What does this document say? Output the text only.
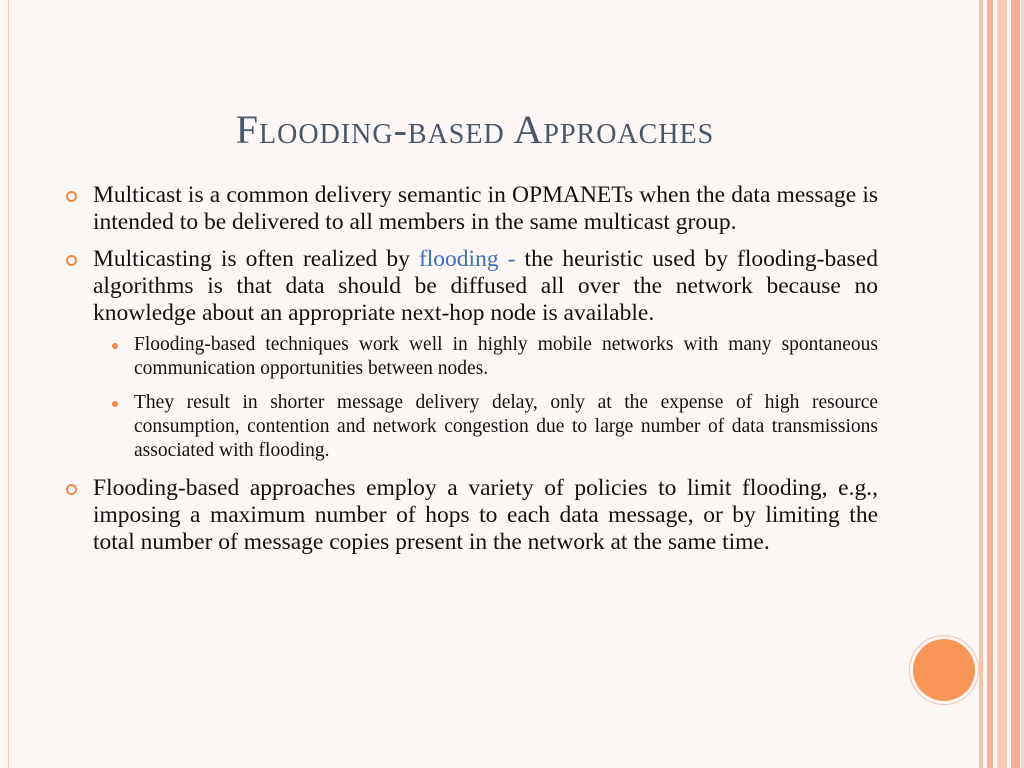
Flooding-based Approaches
Multicast is a common delivery semantic in OPMANETs when the data message is intended to be delivered to all members in the same multicast group.
Multicasting is often realized by flooding - the heuristic used by flooding-based algorithms is that data should be diffused all over the network because no knowledge about an appropriate next-hop node is available.
Flooding-based techniques work well in highly mobile networks with many spontaneous communication opportunities between nodes.
They result in shorter message delivery delay, only at the expense of high resource consumption, contention and network congestion due to large number of data transmissions associated with flooding.
Flooding-based approaches employ a variety of policies to limit flooding, e.g., imposing a maximum number of hops to each data message, or by limiting the total number of message copies present in the network at the same time.
